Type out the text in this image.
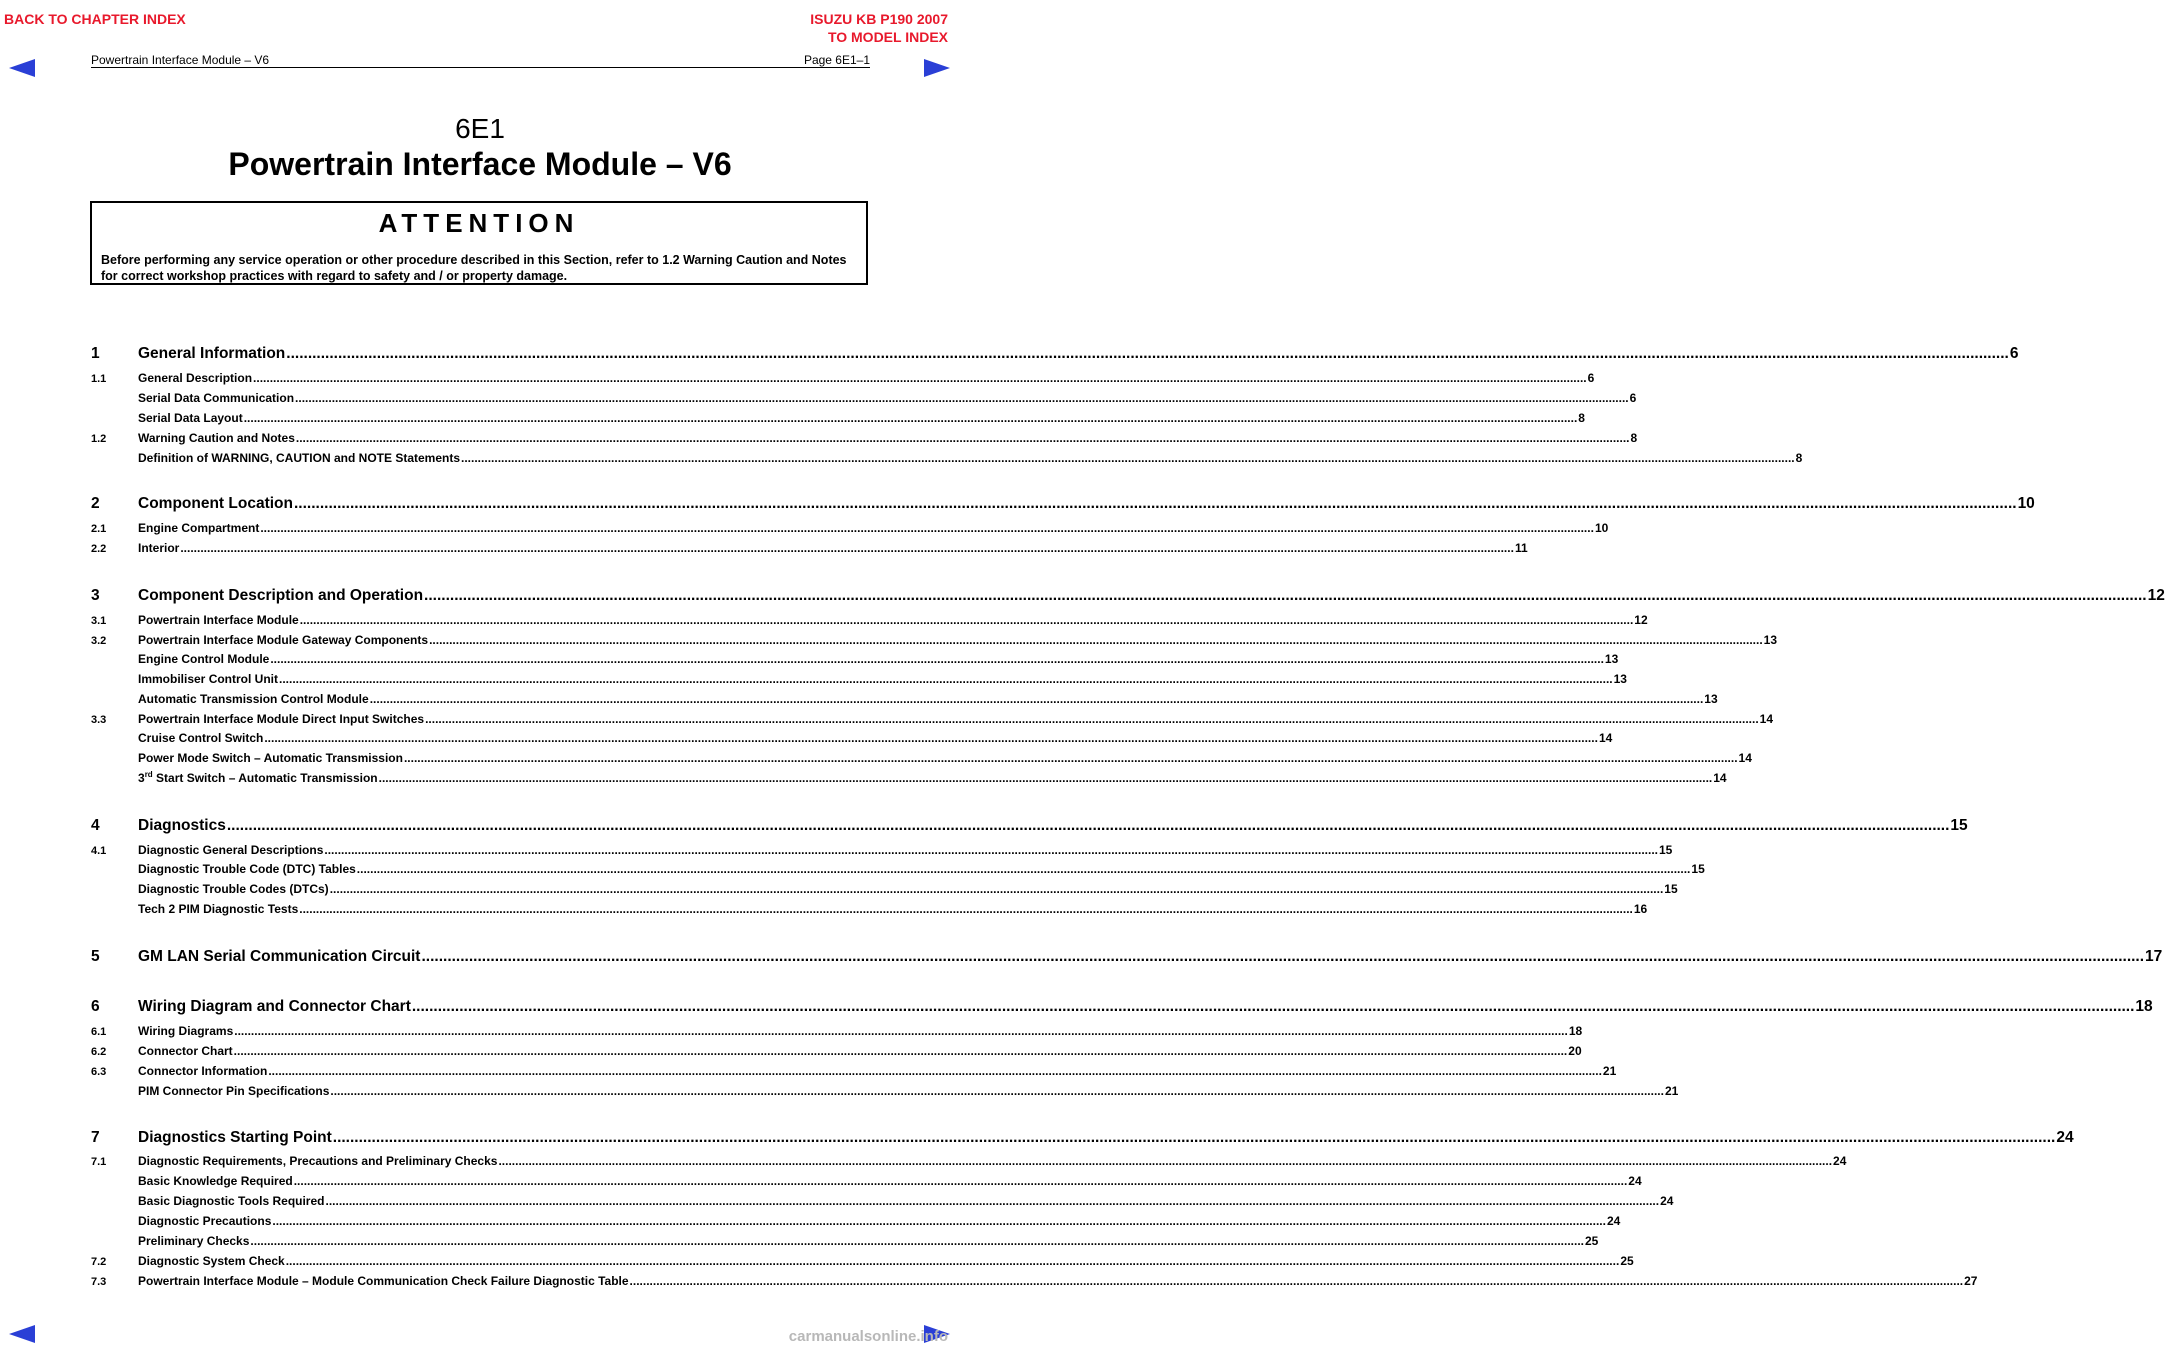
BACK TO CHAPTER INDEX	ISUZU KB P190 2007
TO MODEL INDEX
Powertrain Interface Module – V6	Page 6E1–1
6E1
Powertrain Interface Module – V6
ATTENTION
Before performing any service operation or other procedure described in this Section, refer to 1.2 Warning Caution and Notes for correct workshop practices with regard to safety and / or property damage.
1	General Information ................................................................................................................................................................................................................................................................................................................................................................................................................ 6
1.1	General Description ................................................................................................................................................................................................................................................................................................................................................................................................................ 6
Serial Data Communication ................................................................................................................................................................................................................................................................................................................................................................................................................ 6
Serial Data Layout ................................................................................................................................................................................................................................................................................................................................................................................................................ 8
1.2	Warning Caution and Notes ................................................................................................................................................................................................................................................................................................................................................................................................................ 8
Definition of WARNING, CAUTION and NOTE Statements ................................................................................................................................................................................................................................................................................................................................................................................................................ 8
2	Component Location ................................................................................................................................................................................................................................................................................................................................................................................................................ 10
2.1	Engine Compartment ................................................................................................................................................................................................................................................................................................................................................................................................................ 10
2.2	Interior ................................................................................................................................................................................................................................................................................................................................................................................................................ 11
3	Component Description and Operation ................................................................................................................................................................................................................................................................................................................................................................................................................ 12
3.1	Powertrain Interface Module ................................................................................................................................................................................................................................................................................................................................................................................................................ 12
3.2	Powertrain Interface Module Gateway Components ................................................................................................................................................................................................................................................................................................................................................................................................................ 13
Engine Control Module ................................................................................................................................................................................................................................................................................................................................................................................................................ 13
Immobiliser Control Unit ................................................................................................................................................................................................................................................................................................................................................................................................................ 13
Automatic Transmission Control Module ................................................................................................................................................................................................................................................................................................................................................................................................................ 13
3.3	Powertrain Interface Module Direct Input Switches ................................................................................................................................................................................................................................................................................................................................................................................................................ 14
Cruise Control Switch ................................................................................................................................................................................................................................................................................................................................................................................................................ 14
Power Mode Switch – Automatic Transmission ................................................................................................................................................................................................................................................................................................................................................................................................................ 14
3rd Start Switch – Automatic Transmission ................................................................................................................................................................................................................................................................................................................................................................................................................ 14
4	Diagnostics ................................................................................................................................................................................................................................................................................................................................................................................................................ 15
4.1	Diagnostic General Descriptions ................................................................................................................................................................................................................................................................................................................................................................................................................ 15
Diagnostic Trouble Code (DTC) Tables ................................................................................................................................................................................................................................................................................................................................................................................................................ 15
Diagnostic Trouble Codes (DTCs) ................................................................................................................................................................................................................................................................................................................................................................................................................ 15
Tech 2 PIM Diagnostic Tests ................................................................................................................................................................................................................................................................................................................................................................................................................ 16
5	GM LAN Serial Communication Circuit ................................................................................................................................................................................................................................................................................................................................................................................................................ 17
6	Wiring Diagram and Connector Chart ................................................................................................................................................................................................................................................................................................................................................................................................................ 18
6.1	Wiring Diagrams ................................................................................................................................................................................................................................................................................................................................................................................................................ 18
6.2	Connector Chart ................................................................................................................................................................................................................................................................................................................................................................................................................ 20
6.3	Connector Information ................................................................................................................................................................................................................................................................................................................................................................................................................ 21
PIM Connector Pin Specifications ................................................................................................................................................................................................................................................................................................................................................................................................................ 21
7	Diagnostics Starting Point ................................................................................................................................................................................................................................................................................................................................................................................................................ 24
7.1	Diagnostic Requirements, Precautions and Preliminary Checks ................................................................................................................................................................................................................................................................................................................................................................................................................ 24
Basic Knowledge Required ................................................................................................................................................................................................................................................................................................................................................................................................................ 24
Basic Diagnostic Tools Required ................................................................................................................................................................................................................................................................................................................................................................................................................ 24
Diagnostic Precautions ................................................................................................................................................................................................................................................................................................................................................................................................................ 24
Preliminary Checks ................................................................................................................................................................................................................................................................................................................................................................................................................ 25
7.2	Diagnostic System Check ................................................................................................................................................................................................................................................................................................................................................................................................................ 25
7.3	Powertrain Interface Module – Module Communication Check Failure Diagnostic Table ................................................................................................................................................................................................................................................................................................................................................................................................................ 27
carmanualsonline.info
